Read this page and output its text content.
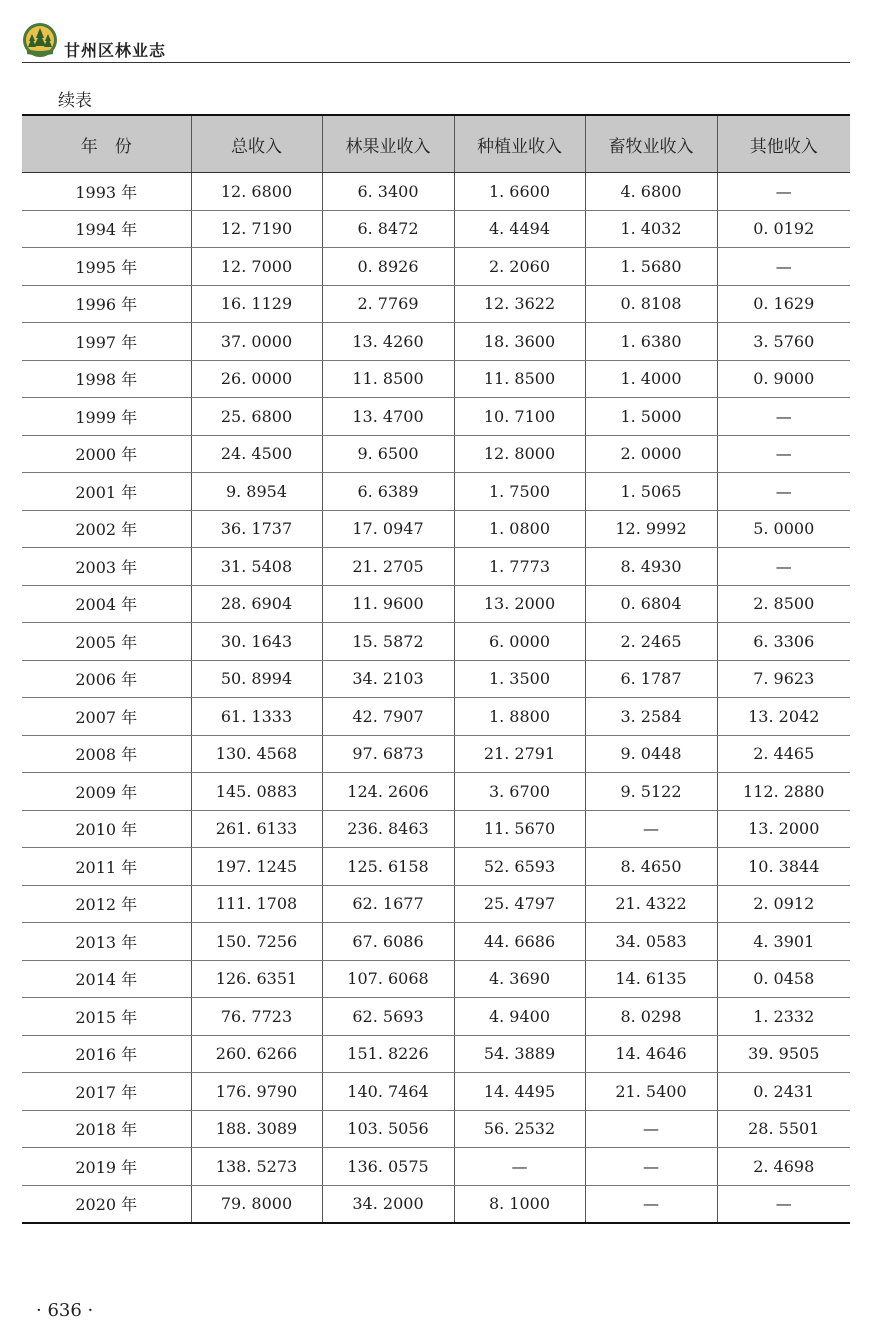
甘州区林业志
续表
年　份	总收入	林果业收入	种植业收入	畜牧业收入	其他收入
1993 年	12. 6800	6. 3400	1. 6600	4. 6800	—
1994 年	12. 7190	6. 8472	4. 4494	1. 4032	0. 0192
1995 年	12. 7000	0. 8926	2. 2060	1. 5680	—
1996 年	16. 1129	2. 7769	12. 3622	0. 8108	0. 1629
1997 年	37. 0000	13. 4260	18. 3600	1. 6380	3. 5760
1998 年	26. 0000	11. 8500	11. 8500	1. 4000	0. 9000
1999 年	25. 6800	13. 4700	10. 7100	1. 5000	—
2000 年	24. 4500	9. 6500	12. 8000	2. 0000	—
2001 年	9. 8954	6. 6389	1. 7500	1. 5065	—
2002 年	36. 1737	17. 0947	1. 0800	12. 9992	5. 0000
2003 年	31. 5408	21. 2705	1. 7773	8. 4930	—
2004 年	28. 6904	11. 9600	13. 2000	0. 6804	2. 8500
2005 年	30. 1643	15. 5872	6. 0000	2. 2465	6. 3306
2006 年	50. 8994	34. 2103	1. 3500	6. 1787	7. 9623
2007 年	61. 1333	42. 7907	1. 8800	3. 2584	13. 2042
2008 年	130. 4568	97. 6873	21. 2791	9. 0448	2. 4465
2009 年	145. 0883	124. 2606	3. 6700	9. 5122	112. 2880
2010 年	261. 6133	236. 8463	11. 5670	—	13. 2000
2011 年	197. 1245	125. 6158	52. 6593	8. 4650	10. 3844
2012 年	111. 1708	62. 1677	25. 4797	21. 4322	2. 0912
2013 年	150. 7256	67. 6086	44. 6686	34. 0583	4. 3901
2014 年	126. 6351	107. 6068	4. 3690	14. 6135	0. 0458
2015 年	76. 7723	62. 5693	4. 9400	8. 0298	1. 2332
2016 年	260. 6266	151. 8226	54. 3889	14. 4646	39. 9505
2017 年	176. 9790	140. 7464	14. 4495	21. 5400	0. 2431
2018 年	188. 3089	103. 5056	56. 2532	—	28. 5501
2019 年	138. 5273	136. 0575	—	—	2. 4698
2020 年	79. 8000	34. 2000	8. 1000	—	—
· 636 ·
